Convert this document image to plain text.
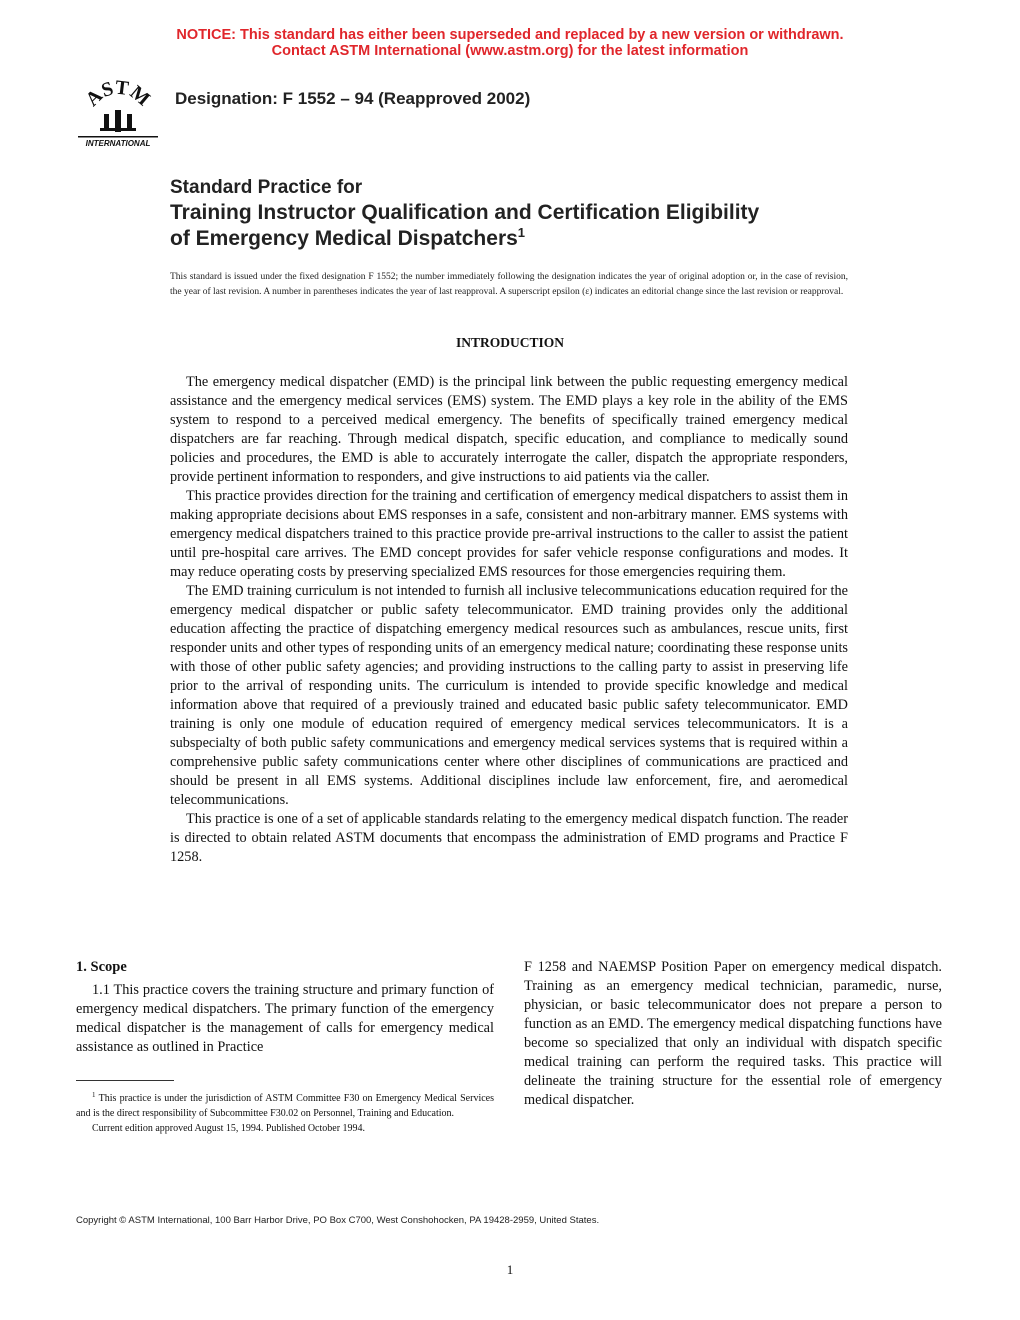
NOTICE: This standard has either been superseded and replaced by a new version or withdrawn.
Contact ASTM International (www.astm.org) for the latest information
ASTM
INTERNATIONAL
Designation: F 1552 – 94 (Reapproved 2002)
Standard Practice for
Training Instructor Qualification and Certification Eligibility
of Emergency Medical Dispatchers$^1$
This standard is issued under the fixed designation F 1552; the number immediately following the designation indicates the year of original adoption or, in the case of revision, the year of last revision. A number in parentheses indicates the year of last reapproval. A superscript epsilon (ε) indicates an editorial change since the last revision or reapproval.
INTRODUCTION

The emergency medical dispatcher (EMD) is the principal link between the public requesting emergency medical assistance and the emergency medical services (EMS) system. The EMD plays a key role in the ability of the EMS system to respond to a perceived medical emergency. The benefits of specifically trained emergency medical dispatchers are far reaching. Through medical dispatch, specific education, and compliance to medically sound policies and procedures, the EMD is able to accurately interrogate the caller, dispatch the appropriate responders, provide pertinent information to responders, and give instructions to aid patients via the caller.

This practice provides direction for the training and certification of emergency medical dispatchers to assist them in making appropriate decisions about EMS responses in a safe, consistent and non-arbitrary manner. EMS systems with emergency medical dispatchers trained to this practice provide pre-arrival instructions to the caller to assist the patient until pre-hospital care arrives. The EMD concept provides for safer vehicle response configurations and modes. It may reduce operating costs by preserving specialized EMS resources for those emergencies requiring them.

The EMD training curriculum is not intended to furnish all inclusive telecommunications education required for the emergency medical dispatcher or public safety telecommunicator. EMD training provides only the additional education affecting the practice of dispatching emergency medical resources such as ambulances, rescue units, first responder units and other types of responding units of an emergency medical nature; coordinating these response units with those of other public safety agencies; and providing instructions to the calling party to assist in preserving life prior to the arrival of responding units. The curriculum is intended to provide specific knowledge and medical information above that required of a previously trained and educated basic public safety telecommunicator. EMD training is only one module of education required of emergency medical services telecommunicators. It is a subspecialty of both public safety communications and emergency medical services systems that is required within a comprehensive public safety communications center where other disciplines of communications are practiced and should be present in all EMS systems. Additional disciplines include law enforcement, fire, and aeromedical telecommunications.

This practice is one of a set of applicable standards relating to the emergency medical dispatch function. The reader is directed to obtain related ASTM documents that encompass the administration of EMD programs and Practice F 1258.

1. Scope

1.1 This practice covers the training structure and primary function of emergency medical dispatchers. The primary function of the emergency medical dispatcher is the management of calls for emergency medical assistance as outlined in Practice

$^1$ This practice is under the jurisdiction of ASTM Committee F30 on Emergency Medical Services and is the direct responsibility of Subcommittee F30.02 on Personnel, Training and Education.

Current edition approved August 15, 1994. Published October 1994.

F 1258 and NAEMSP Position Paper on emergency medical dispatch. Training as an emergency medical technician, paramedic, nurse, physician, or basic telecommunicator does not prepare a person to function as an EMD. The emergency medical dispatching functions have become so specialized that only an individual with dispatch specific medical training can perform the required tasks. This practice will delineate the training structure for the essential role of emergency medical dispatcher.

Copyright © ASTM International, 100 Barr Harbor Drive, PO Box C700, West Conshohocken, PA 19428-2959, United States.
1
